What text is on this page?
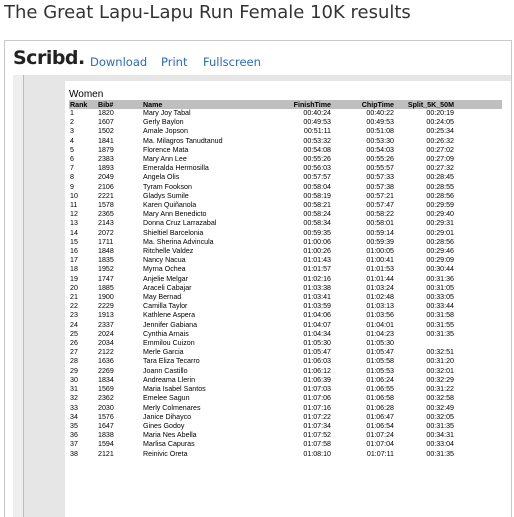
The Great Lapu-Lapu Run Female 10K results
Scribd. Download Print Fullscreen
Women
Rank	Bib#	Name	FinishTime	ChipTime	Split_5K_50M	
1	1820	Mary Joy Tabal	00:40:24	00:40:22	00:20:19	
2	1607	Gerly Baylon	00:49:53	00:49:53	00:24:05	
3	1502	Amale Jopson	00:51:11	00:51:08	00:25:34	
4	1841	Ma. Milagros Tanudtanud	00:53:32	00:53:30	00:26:32	
5	1879	Florence Mata	00:54:08	00:54:03	00:27:02	
6	2383	Mary Ann Lee	00:55:26	00:55:26	00:27:09	
7	1893	Emeralda Hermosilla	00:56:03	00:55:57	00:27:32	
8	2049	Angela Olis	00:57:57	00:57:33	00:28:45	
9	2106	Tyram Fookson	00:58:04	00:57:38	00:28:55	
10	2221	Gladys Sumile	00:58:19	00:57:21	00:28:56	
11	1578	Karen Quiñanola	00:58:21	00:57:47	00:29:59	
12	2365	Mary Ann Benedicto	00:58:24	00:58:22	00:29:40	
13	2143	Donna Cruz Larrazabal	00:58:34	00:58:01	00:29:31	
14	2072	Shieltiel Barcelonia	00:59:35	00:59:14	00:29:01	
15	1711	Ma. Sherina Advincula	01:00:06	00:59:39	00:28:56	
16	1848	Ritchelle Valdez	01:00:26	01:00:05	00:29:46	
17	1835	Nancy Nacua	01:01:43	01:00:41	00:29:09	
18	1952	Myrna Ochea	01:01:57	01:01:53	00:30:44	
19	1747	Anjelie Melgar	01:02:16	01:01:44	00:31:36	
20	1885	Araceli Cabajar	01:03:38	01:03:24	00:31:05	
21	1900	May Bernad	01:03:41	01:02:48	00:33:05	
22	2229	Camilla Taylor	01:03:59	01:03:13	00:33:44	
23	1913	Kathlene Aspera	01:04:06	01:03:56	00:31:58	
24	2337	Jennifer Gabiana	01:04:07	01:04:01	00:31:55	
25	2024	Cynthia Arnais	01:04:34	01:04:23	00:31:35	
26	2034	Emmilou Cuizon	01:05:30	01:05:30		
27	2122	Merle Garcia	01:05:47	01:05:47	00:32:51	
28	1636	Tara Eliza Tecarro	01:06:03	01:05:58	00:31:20	
29	2269	Joann Castillo	01:06:12	01:05:53	00:32:01	
30	1834	Andreama Llerin	01:06:39	01:06:24	00:32:29	
31	1569	Maria Isabel Santos	01:07:03	01:06:55	00:31:22	
32	2362	Emelee Sagun	01:07:06	01:06:58	00:32:58	
33	2030	Merly Colmenares	01:07:16	01:06:28	00:32:49	
34	1576	Janice Dihayco	01:07:22	01:06:47	00:32:05	
35	1647	Gines Godoy	01:07:34	01:06:54	00:31:35	
36	1838	Maria Nes Abella	01:07:52	01:07:24	00:34:31	
37	1594	Marlisa Capuras	01:07:58	01:07:04	00:33:04	
38	2121	Reinivic Oreta	01:08:10	01:07:11	00:31:35	
